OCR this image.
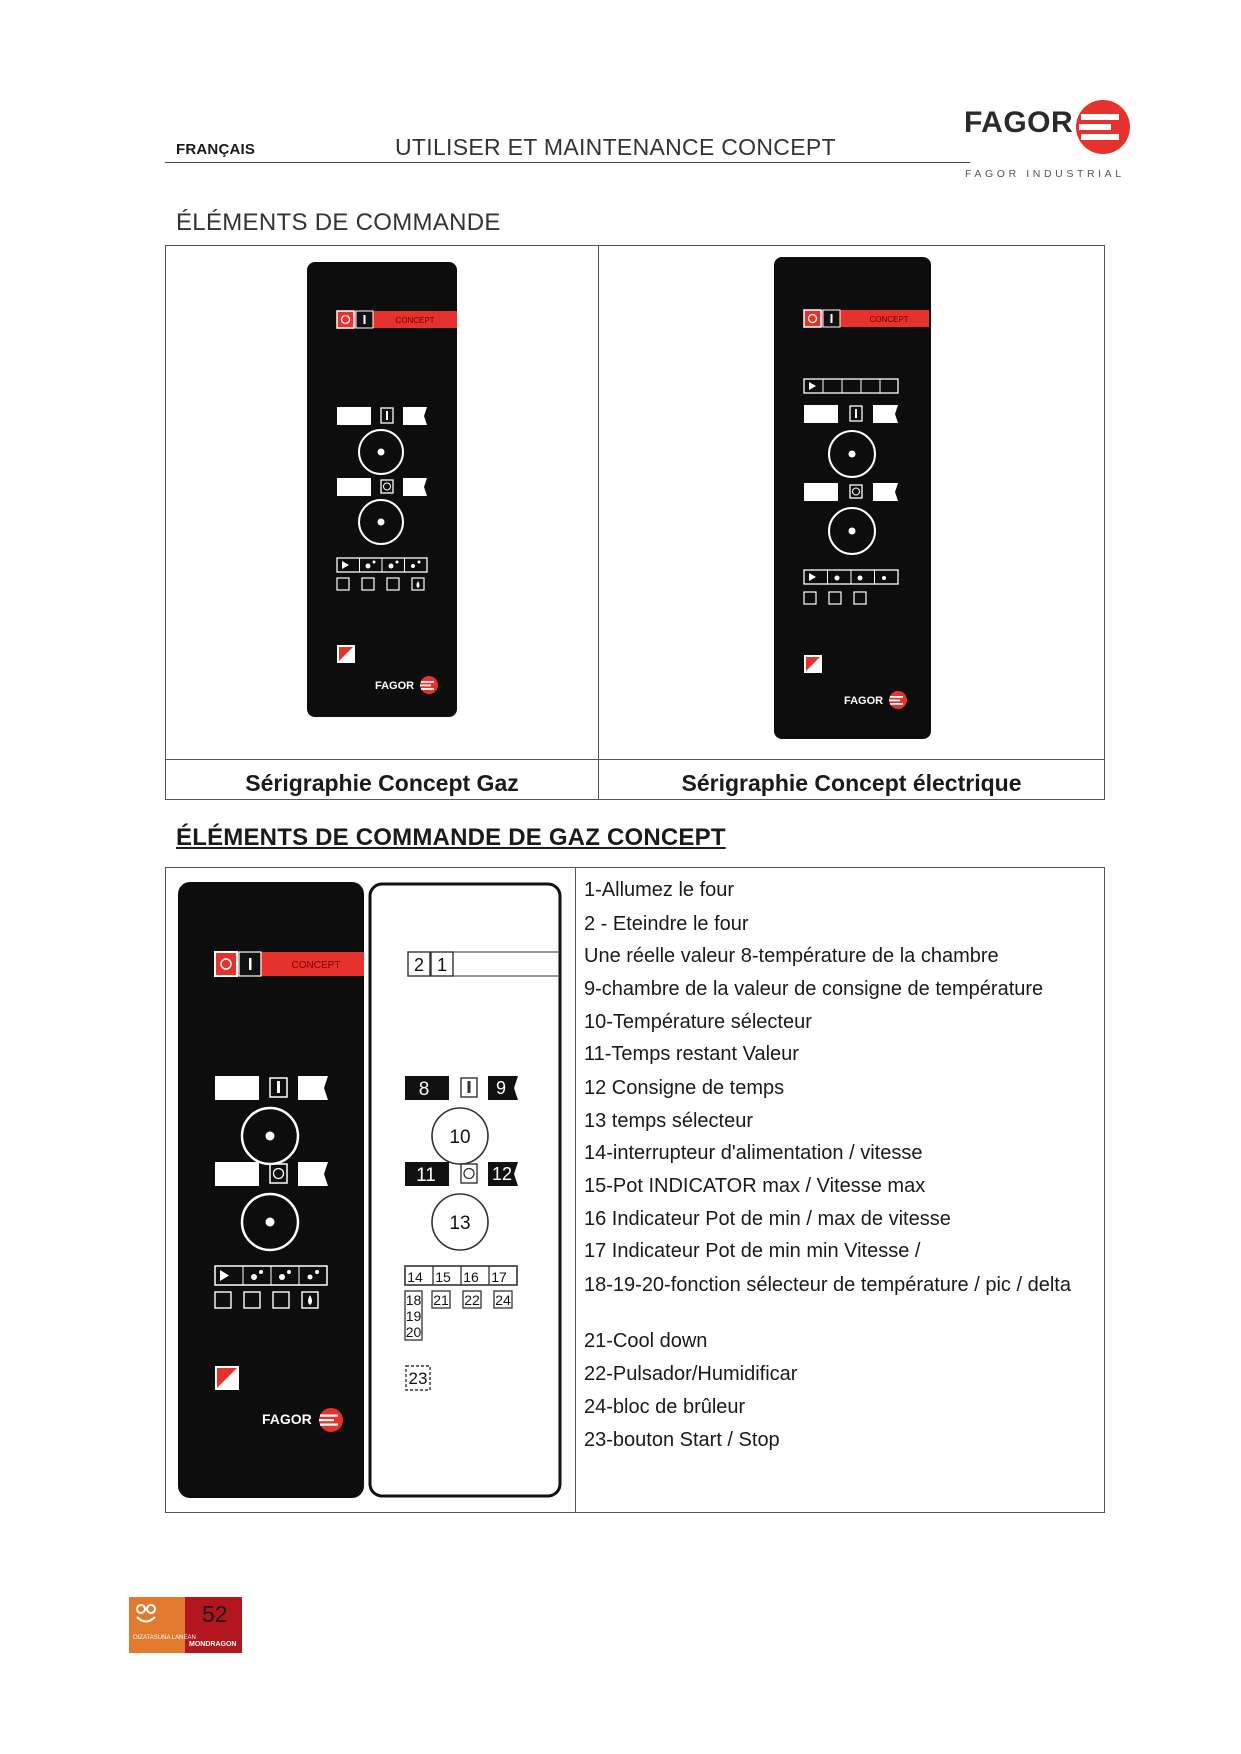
FRANÇAIS	UTILISER ET MAINTENANCE CONCEPT
FAGOR
FAGOR INDUSTRIAL
ÉLÉMENTS DE COMMANDE
CONCEPT
FAGOR
CONCEPT
FAGOR
Sérigraphie Concept Gaz	Sérigraphie Concept électrique
ÉLÉMENTS DE COMMANDE DE GAZ CONCEPT
CONCEPT
FAGOR
2 1
8	9
10
11	12
13
14 15 16 17
18
19
20
21 22 24
23
1-Allumez le four
2 - Eteindre le four
Une réelle valeur 8-température de la chambre
9-chambre de la valeur de consigne de température
10-Température sélecteur
11-Temps restant Valeur
12 Consigne de temps
13 temps sélecteur
14-interrupteur d'alimentation / vitesse
15-Pot INDICATOR max / Vitesse max
16 Indicateur Pot de min / max de vitesse
17 Indicateur Pot de min min Vitesse /
18-19-20-fonction sélecteur de température / pic / delta
21-Cool down
22-Pulsador/Humidificar
24-bloc de brûleur
23-bouton Start / Stop
52
OIZATASUNA LANEAN
MONDRAGON
